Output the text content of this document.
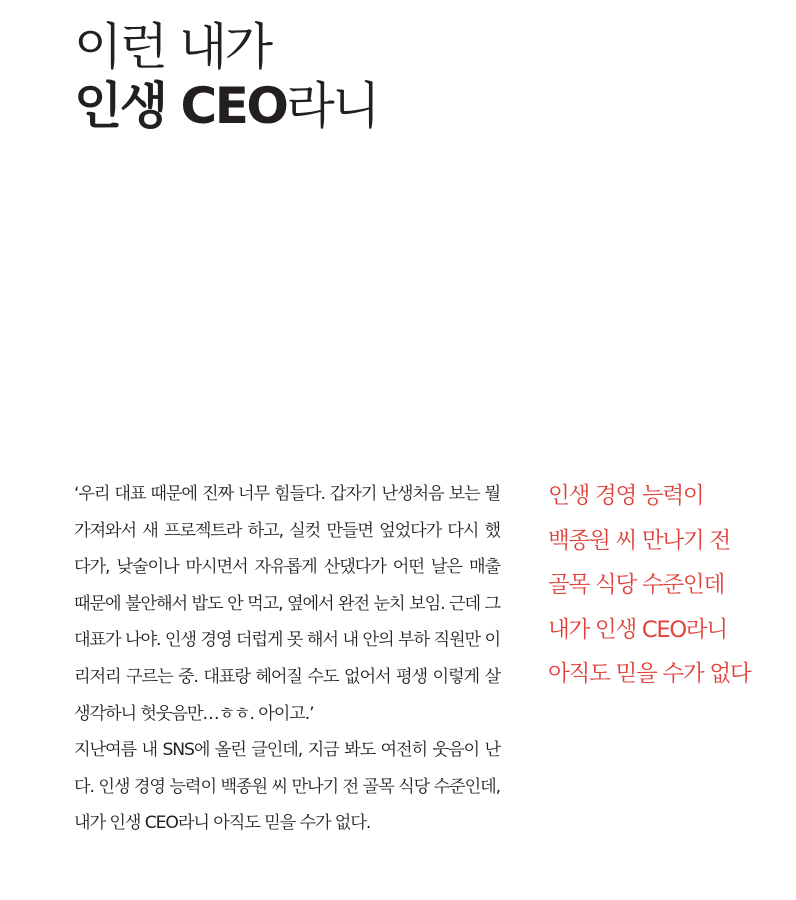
이런 내가
인생 CEO라니

‘우리 대표 때문에 진짜 너무 힘들다. 갑자기 난생처음 보는 뭘 가져와서 새 프로젝트라 하고, 실컷 만들면 엎었다가 다시 했다가, 낮술이나 마시면서 자유롭게 산댔다가 어떤 날은 매출 때문에 불안해서 밥도 안 먹고, 옆에서 완전 눈치 보임. 근데 그 대표가 나야. 인생 경영 더럽게 못 해서 내 안의 부하 직원만 이리저리 구르는 중. 대표랑 헤어질 수도 없어서 평생 이렇게 살 생각하니 헛웃음만…ㅎㅎ. 아이고.’

지난여름 내 SNS에 올린 글인데, 지금 봐도 여전히 웃음이 난다. 인생 경영 능력이 백종원 씨 만나기 전 골목 식당 수준인데, 내가 인생 CEO라니 아직도 믿을 수가 없다.

인생 경영 능력이
백종원 씨 만나기 전
골목 식당 수준인데
내가 인생 CEO라니
아직도 믿을 수가 없다
